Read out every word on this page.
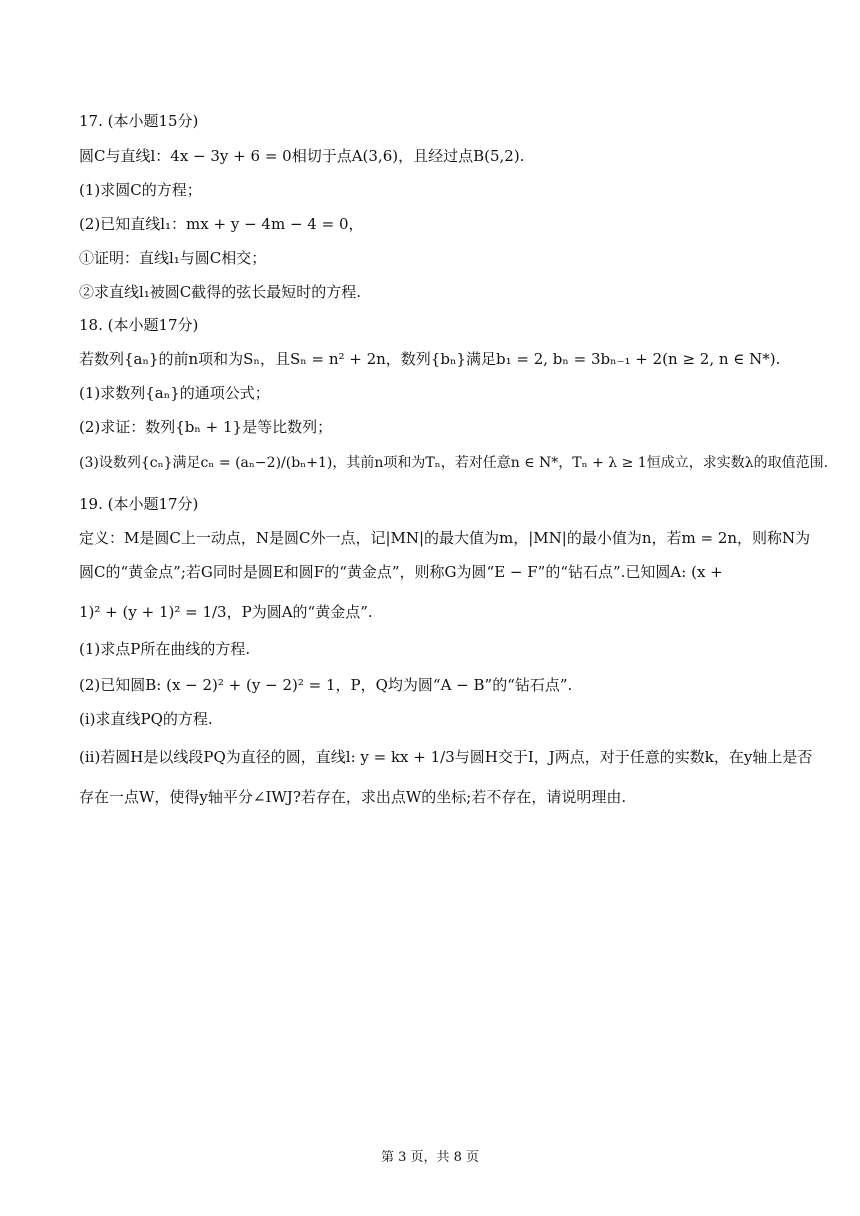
17. (本小题15分)
圆C与直线l：4x − 3y + 6 = 0相切于点A(3,6)，且经过点B(5,2).
(1)求圆C的方程；
(2)已知直线l₁：mx + y − 4m − 4 = 0，
①证明：直线l₁与圆C相交；
②求直线l₁被圆C截得的弦长最短时的方程.
18. (本小题17分)
若数列{aₙ}的前n项和为Sₙ，且Sₙ = n² + 2n，数列{bₙ}满足b₁ = 2, bₙ = 3bₙ₋₁ + 2(n ≥ 2, n ∈ N*).
(1)求数列{aₙ}的通项公式；
(2)求证：数列{bₙ + 1}是等比数列；
(3)设数列{cₙ}满足cₙ = (aₙ−2)/(bₙ+1)，其前n项和为Tₙ，若对任意n ∈ N*，Tₙ + λ ≥ 1恒成立，求实数λ的取值范围.
19. (本小题17分)
定义：M是圆C上一动点，N是圆C外一点，记|MN|的最大值为m，|MN|的最小值为n，若m = 2n，则称N为
圆C的“黄金点”;若G同时是圆E和圆F的“黄金点”，则称G为圆“E − F”的“钻石点”.已知圆A: (x +
1)² + (y + 1)² = 1/3，P为圆A的“黄金点”.
(1)求点P所在曲线的方程.
(2)已知圆B: (x − 2)² + (y − 2)² = 1，P，Q均为圆“A − B”的“钻石点”.
(i)求直线PQ的方程.
(ii)若圆H是以线段PQ为直径的圆，直线l: y = kx + 1/3与圆H交于I，J两点，对于任意的实数k，在y轴上是否
存在一点W，使得y轴平分∠IWJ?若存在，求出点W的坐标;若不存在，请说明理由.
第 3 页，共 8 页
